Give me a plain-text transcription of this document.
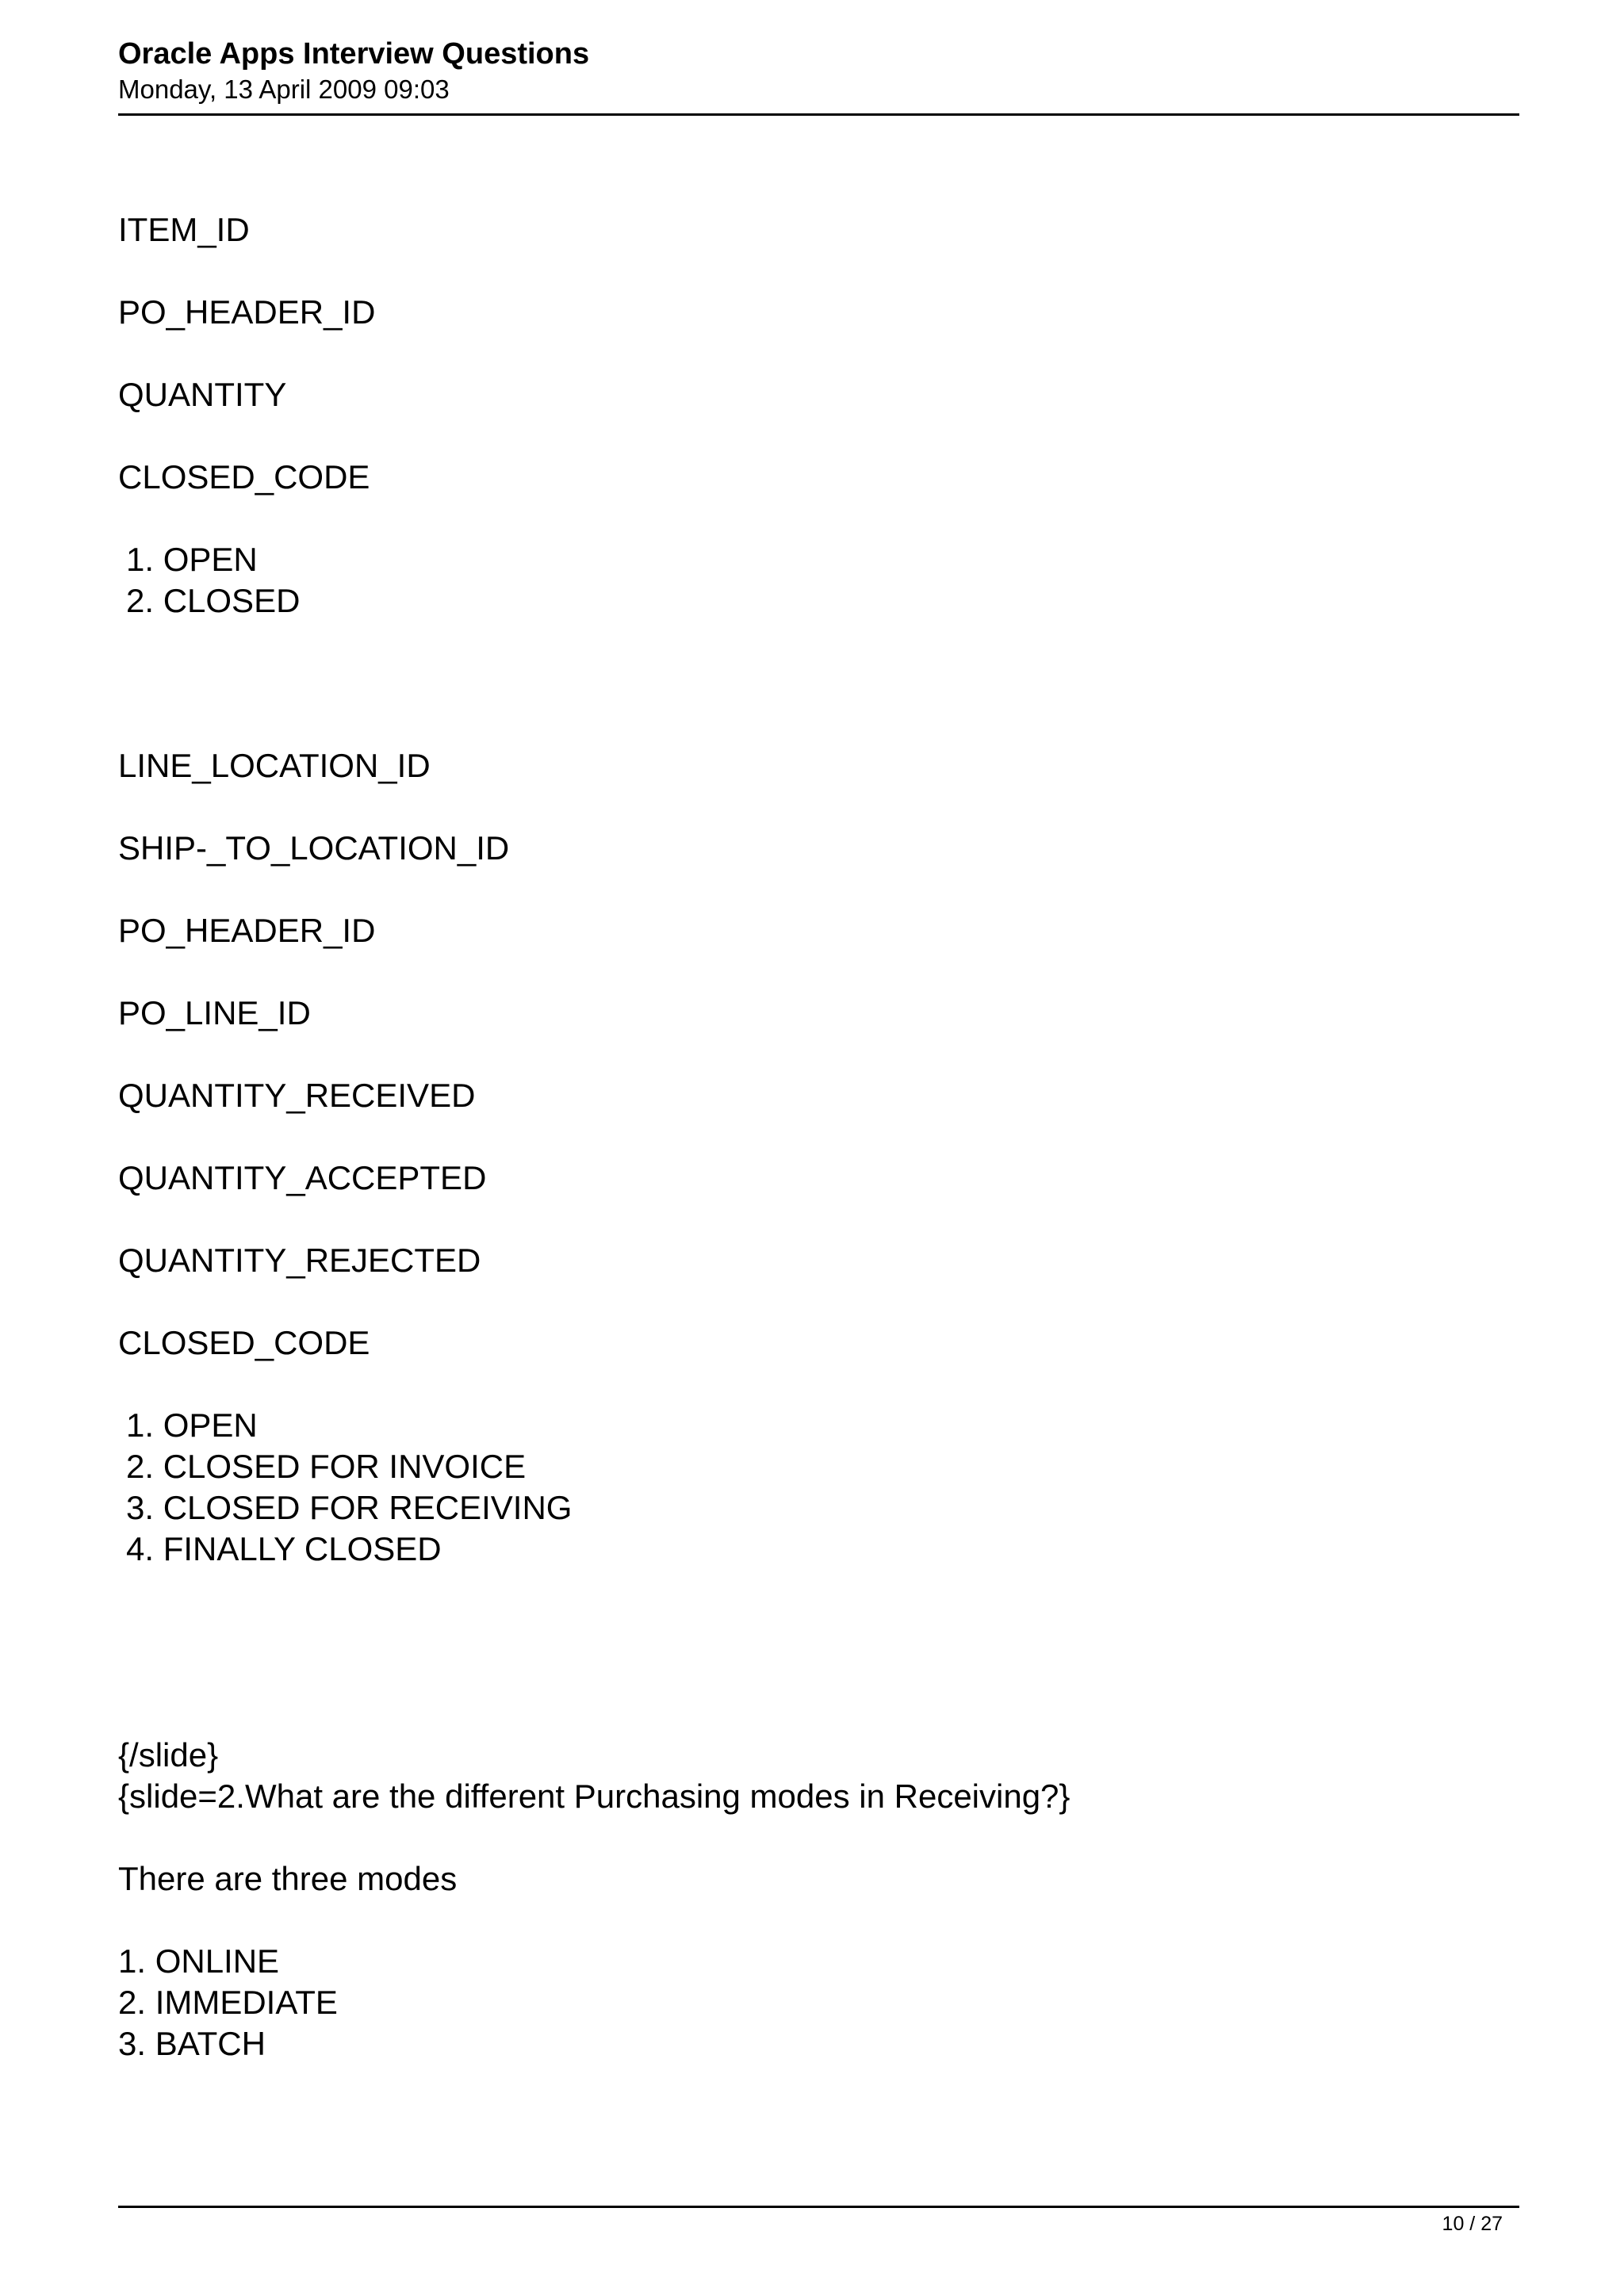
Oracle Apps Interview Questions
Monday, 13 April 2009 09:03
ITEM_ID
PO_HEADER_ID
QUANTITY
CLOSED_CODE
1. OPEN
2. CLOSED
LINE_LOCATION_ID
SHIP-_TO_LOCATION_ID
PO_HEADER_ID
PO_LINE_ID
QUANTITY_RECEIVED
QUANTITY_ACCEPTED
QUANTITY_REJECTED
CLOSED_CODE
1. OPEN
2. CLOSED FOR INVOICE
3. CLOSED FOR RECEIVING
4. FINALLY CLOSED
{/slide}
{slide=2.What are the different Purchasing modes in Receiving?}
There are three modes
1. ONLINE
2. IMMEDIATE
3. BATCH
10 / 27
